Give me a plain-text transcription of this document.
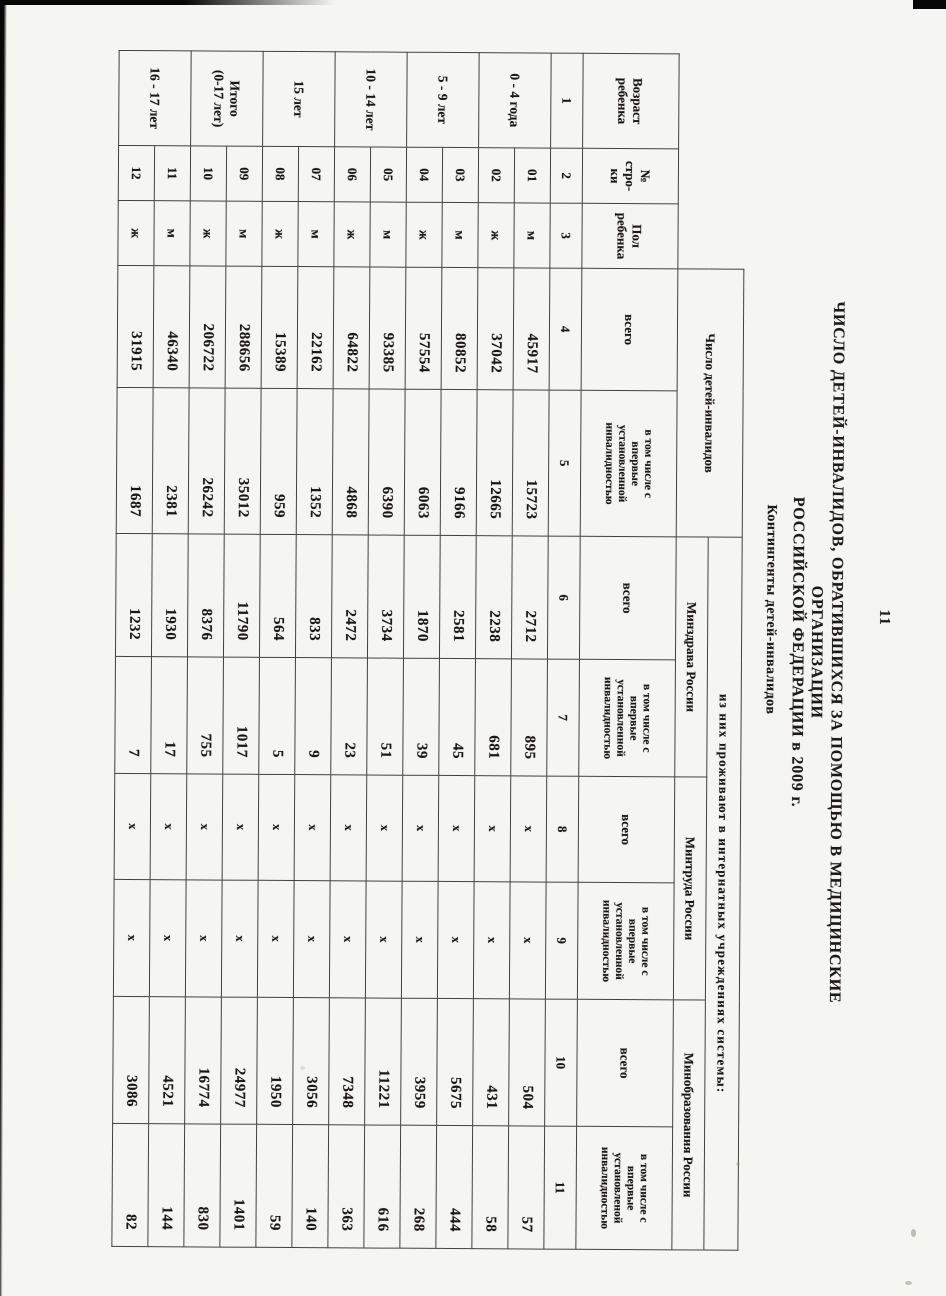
11
ЧИСЛО ДЕТЕЙ-ИНВАЛИДОВ, ОБРАТИВШИХСЯ ЗА ПОМОЩЬЮ В МЕДИЦИНСКИЕ
ОРГАНИЗАЦИИ
РОССИЙСКОЙ ФЕДЕРАЦИИ в 2009 г.
Контингенты детей-инвалидов
			Число детей-инвалидов		из них проживают в интернатных учреждениях системы:					
					Минздрава России		Минтруда России		Минобразования России	
Возраст
ребенка	№
стро-
ки	Пол
ребенка	всего	в том числе с
впервые
установленной
инвалидностью	всего	в том числе с
впервые
установленной
инвалидностью	всего	в том числе с
впервые
установленной
инвалидностью	всего	в том числе с
впервые
установленой
инвалидностью
1	2	3	4	5	6	7	8	9	10	11
0 - 4 года	01	м	45917	15723	2712	895	х	х	504	57
	02	ж	37042	12665	2238	681	х	х	431	58
5 - 9 лет	03	м	80852	9166	2581	45	х	х	5675	444
	04	ж	57554	6063	1870	39	х	х	3959	268
10 - 14 лет	05	м	93385	6390	3734	51	х	х	11221	616
	06	ж	64822	4868	2472	23	х	х	7348	363
15 лет	07	м	22162	1352	833	9	х	х	3056	140
	08	ж	15389	959	564	5	х	х	1950	59
Итого
(0-17 лет)	09	м	288656	35012	11790	1017	х	х	24977	1401
	10	ж	206722	26242	8376	755	х	х	16774	830
16 - 17 лет	11	м	46340	2381	1930	17	х	х	4521	144
	12	ж	31915	1687	1232	7	х	х	3086	82
